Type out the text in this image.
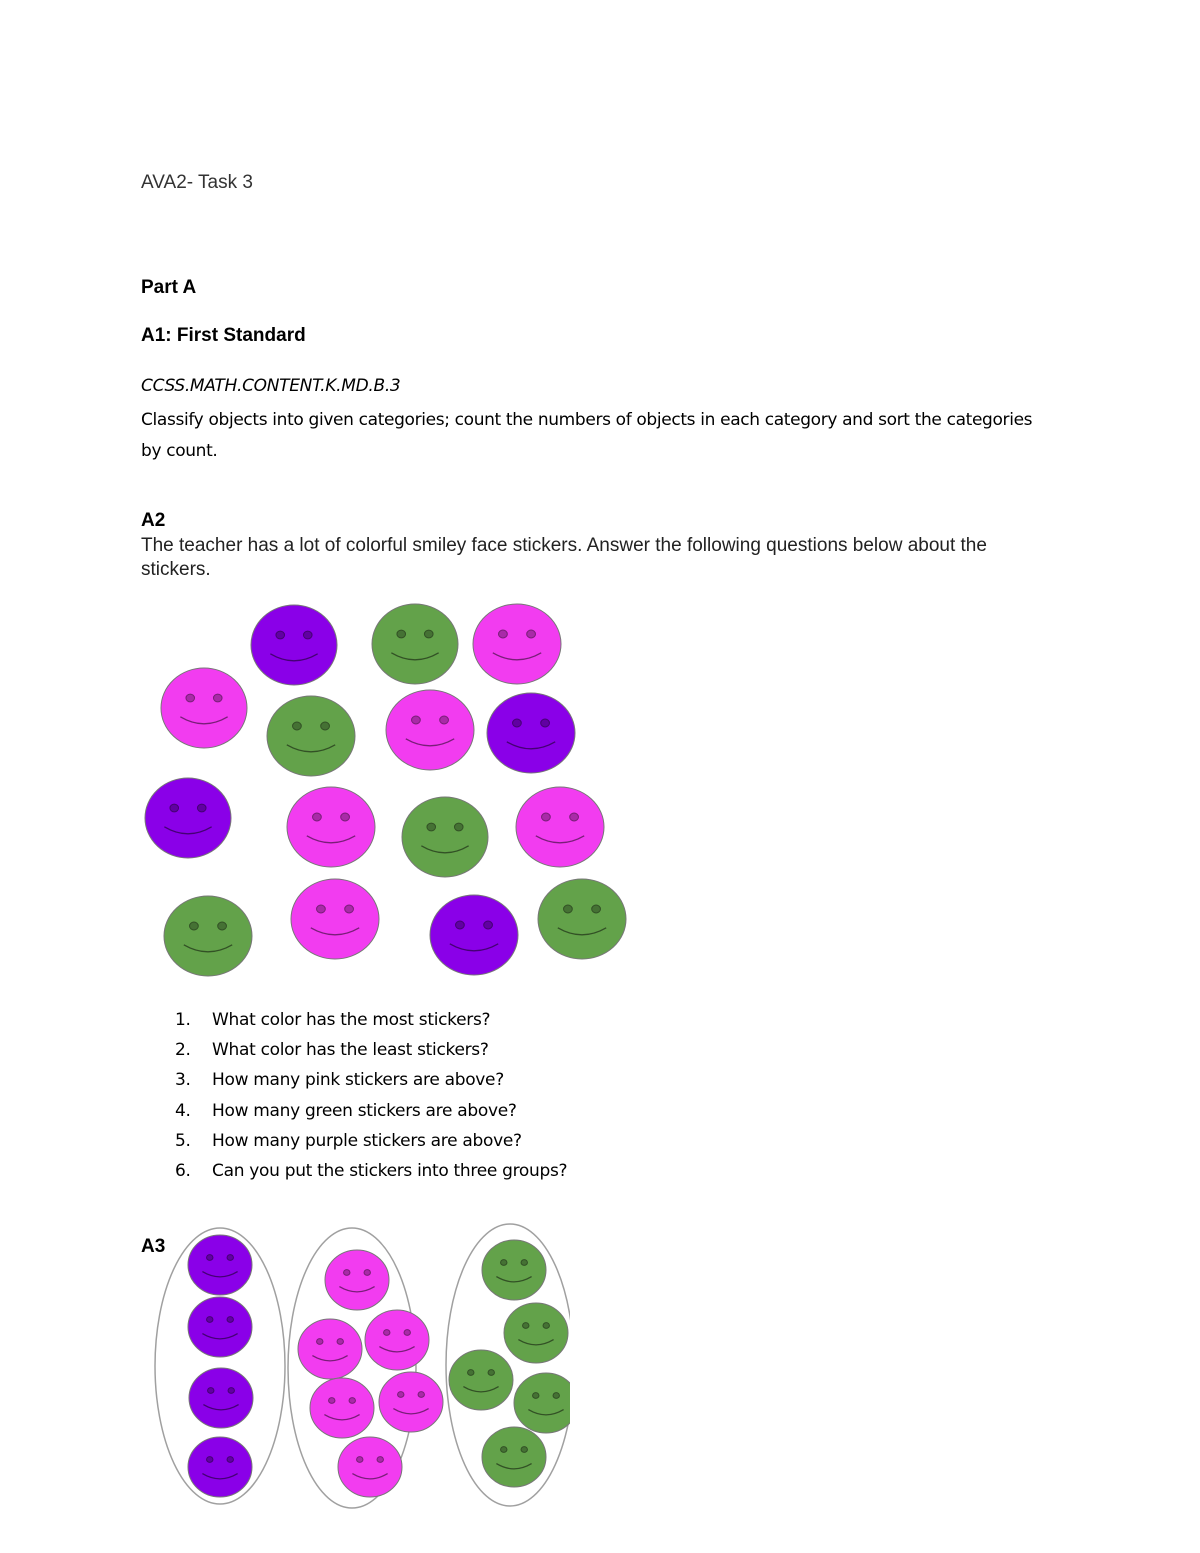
AVA2- Task 3
Part A
A1: First Standard
CCSS.MATH.CONTENT.K.MD.B.3
Classify objects into given categories; count the numbers of objects in each category and sort the categories by count.
A2
The teacher has a lot of colorful smiley face stickers. Answer the following questions below about the stickers.
1.	What color has the most stickers?
2.	What color has the least stickers?
3.	How many pink stickers are above?
4.	How many green stickers are above?
5.	How many purple stickers are above?
6.	Can you put the stickers into three groups?
A3
